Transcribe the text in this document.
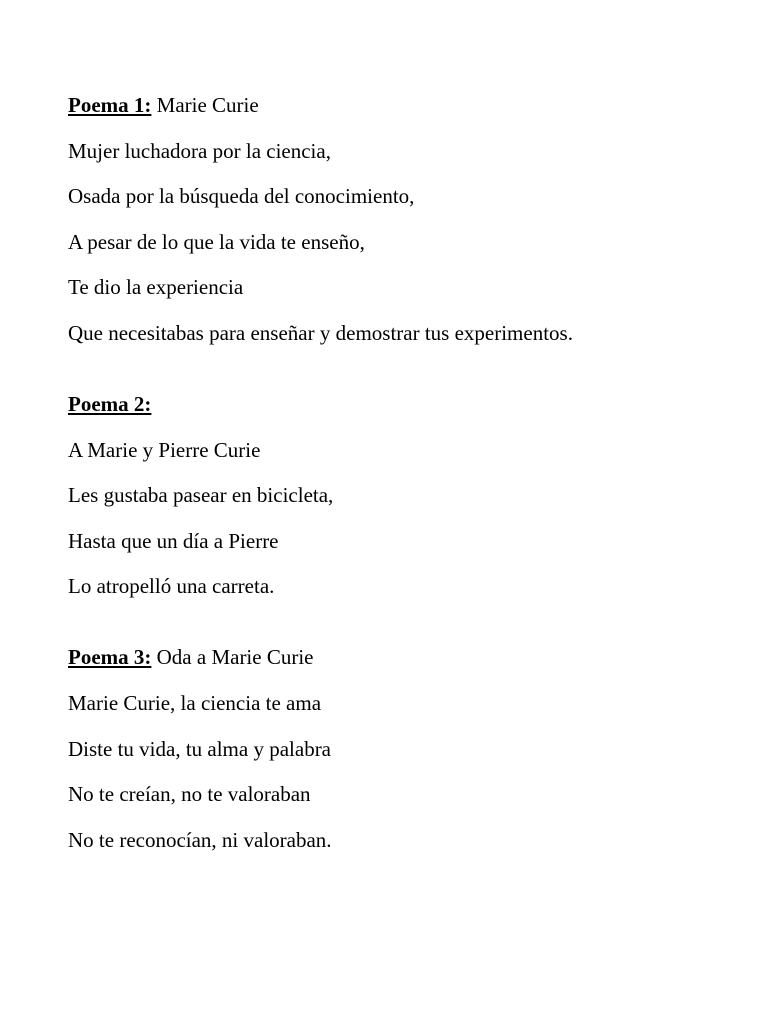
Poema 1: Marie Curie
Mujer luchadora por la ciencia,
Osada por la búsqueda del conocimiento,
A pesar de lo que la vida te enseño,
Te dio la experiencia
Que necesitabas para enseñar y demostrar tus experimentos.
Poema 2:
A Marie y Pierre Curie
Les gustaba pasear en bicicleta,
Hasta que un día a Pierre
Lo atropelló una carreta.
Poema 3: Oda a Marie Curie
Marie Curie, la ciencia te ama
Diste tu vida, tu alma y palabra
No te creían, no te valoraban
No te reconocían, ni valoraban.
